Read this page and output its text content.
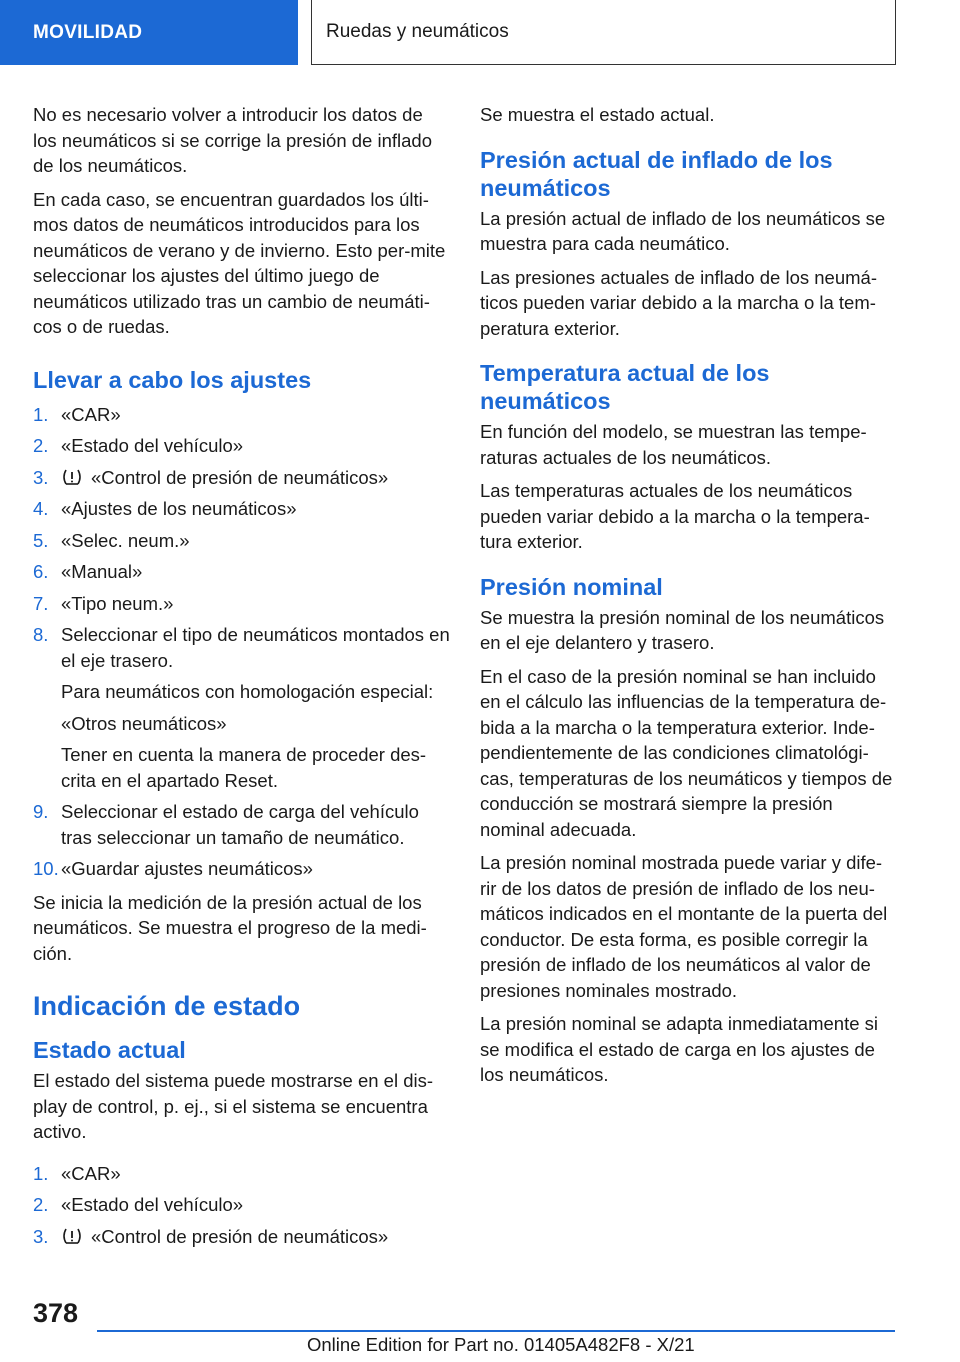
MOVILIDAD	Ruedas y neumáticos

No es necesario volver a introducir los datos de los neumáticos si se corrige la presión de inflado de los neumáticos.

En cada caso, se encuentran guardados los últi‐mos datos de neumáticos introducidos para los neumáticos de verano y de invierno. Esto per‐mite seleccionar los ajustes del último juego de neumáticos utilizado tras un cambio de neumáti‐cos o de ruedas.

Llevar a cabo los ajustes
1. «CAR»
2. «Estado del vehículo»
3. «Control de presión de neumáticos»
4. «Ajustes de los neumáticos»
5. «Selec. neum.»
6. «Manual»
7. «Tipo neum.»
8. Seleccionar el tipo de neumáticos montados en el eje trasero.
Para neumáticos con homologación especial:
«Otros neumáticos»
Tener en cuenta la manera de proceder des‐crita en el apartado Reset.
9. Seleccionar el estado de carga del vehículo tras seleccionar un tamaño de neumático.
10. «Guardar ajustes neumáticos»

Se inicia la medición de la presión actual de los neumáticos. Se muestra el progreso de la medi‐ción.

Indicación de estado
Estado actual

El estado del sistema puede mostrarse en el dis‐play de control, p. ej., si el sistema se encuentra activo.

1. «CAR»
2. «Estado del vehículo»
3. «Control de presión de neumáticos»

Se muestra el estado actual.

Presión actual de inflado de los neumáticos

La presión actual de inflado de los neumáticos se muestra para cada neumático.

Las presiones actuales de inflado de los neumá‐ticos pueden variar debido a la marcha o la tem‐peratura exterior.

Temperatura actual de los neumáticos

En función del modelo, se muestran las tempe‐raturas actuales de los neumáticos.

Las temperaturas actuales de los neumáticos pueden variar debido a la marcha o la tempera‐tura exterior.

Presión nominal

Se muestra la presión nominal de los neumáticos en el eje delantero y trasero.

En el caso de la presión nominal se han incluido en el cálculo las influencias de la temperatura de‐bida a la marcha o la temperatura exterior. Inde‐pendientemente de las condiciones climatológi‐cas, temperaturas de los neumáticos y tiempos de conducción se mostrará siempre la presión nominal adecuada.

La presión nominal mostrada puede variar y dife‐rir de los datos de presión de inflado de los neu‐máticos indicados en el montante de la puerta del conductor. De esta forma, es posible corregir la presión de inflado de los neumáticos al valor de presiones nominales mostrado.

La presión nominal se adapta inmediatamente si se modifica el estado de carga en los ajustes de los neumáticos.

378
Online Edition for Part no. 01405A482F8 - X/21
